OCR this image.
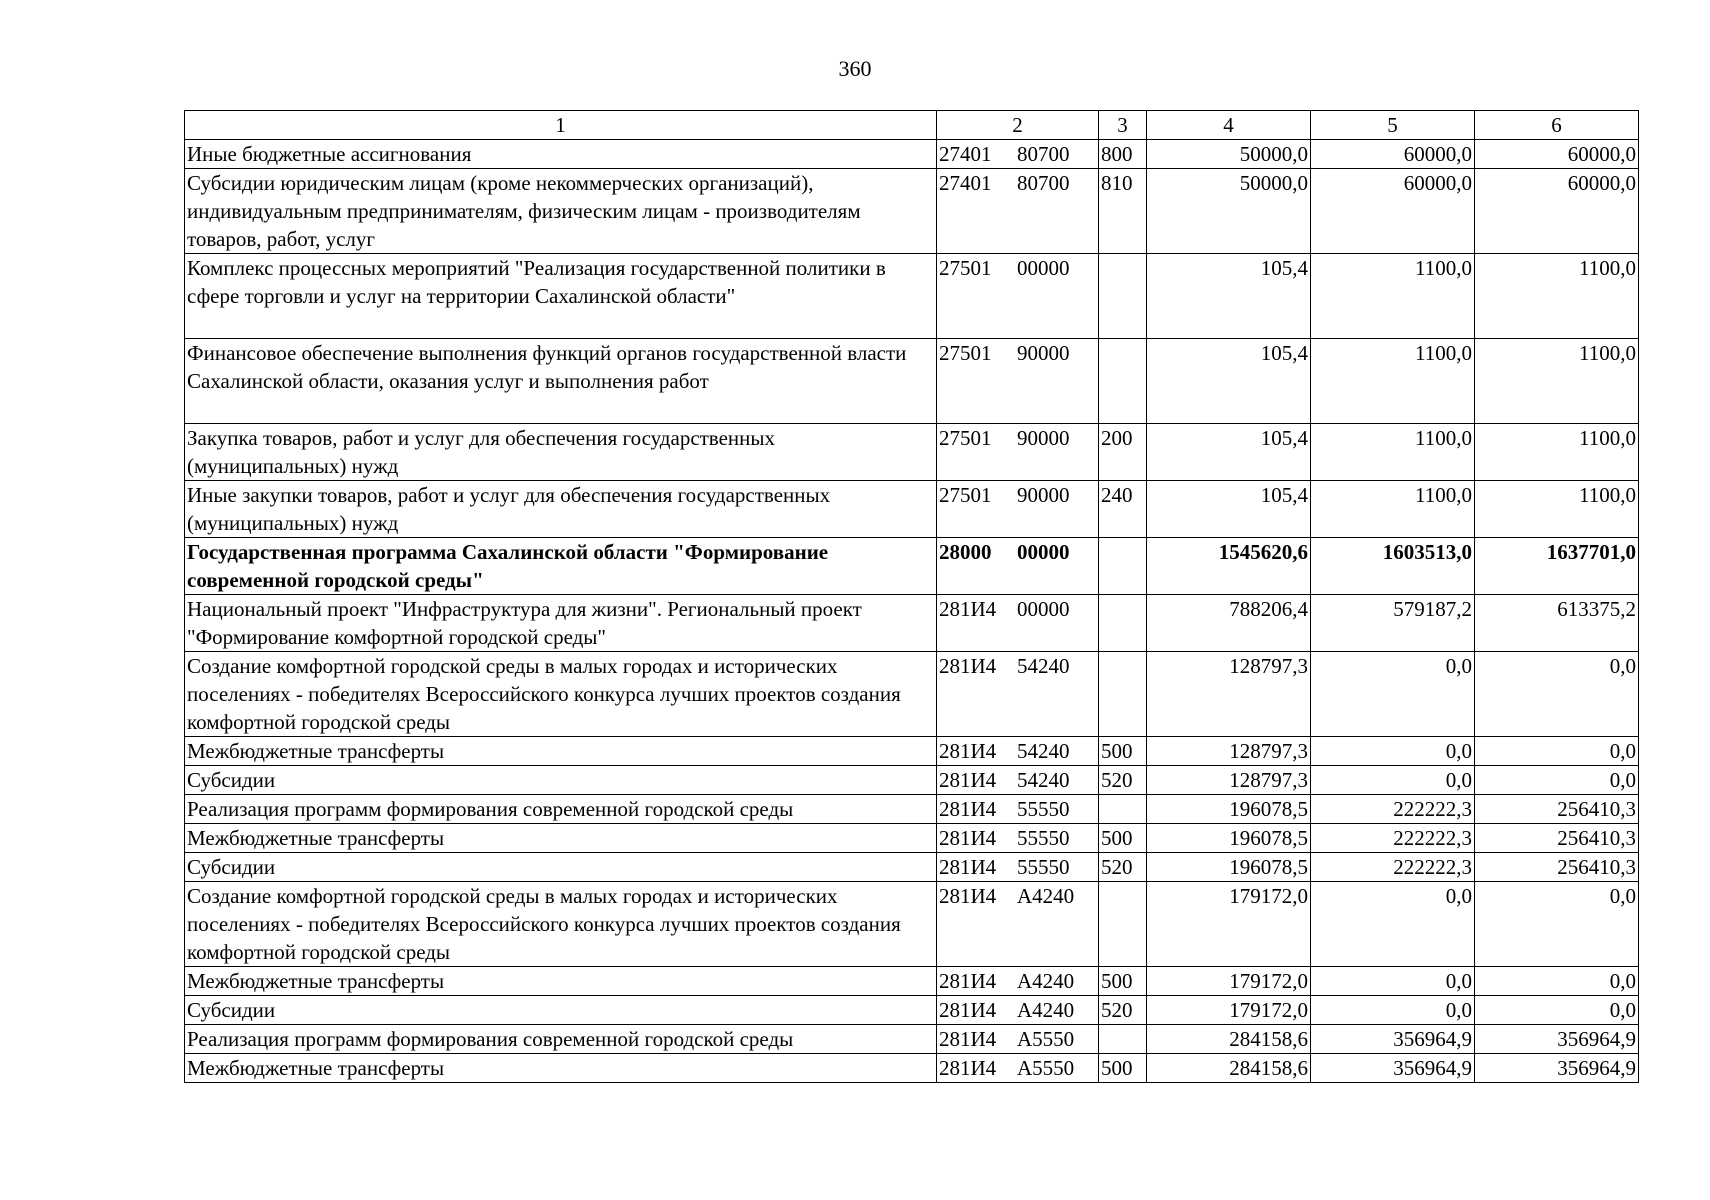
360
1	2	3	4	5	6
Иные бюджетные ассигнования	27401 80700	800	50000,0	60000,0	60000,0
Субсидии юридическим лицам (кроме некоммерческих организаций), индивидуальным предпринимателям, физическим лицам - производителям товаров, работ, услуг	27401 80700	810	50000,0	60000,0	60000,0
Комплекс процессных мероприятий "Реализация государственной политики в сфере торговли и услуг на территории Сахалинской области"	27501 00000		105,4	1100,0	1100,0
Финансовое обеспечение выполнения функций органов государственной власти Сахалинской области, оказания услуг и выполнения работ	27501 90000		105,4	1100,0	1100,0
Закупка товаров, работ и услуг для обеспечения государственных (муниципальных) нужд	27501 90000	200	105,4	1100,0	1100,0
Иные закупки товаров, работ и услуг для обеспечения государственных (муниципальных) нужд	27501 90000	240	105,4	1100,0	1100,0
Государственная программа Сахалинской области "Формирование современной городской среды"	28000 00000		1545620,6	1603513,0	1637701,0
Национальный проект "Инфраструктура для жизни". Региональный проект "Формирование комфортной городской среды"	281И4 00000		788206,4	579187,2	613375,2
Создание комфортной городской среды в малых городах и исторических поселениях - победителях Всероссийского конкурса лучших проектов создания комфортной городской среды	281И4 54240		128797,3	0,0	0,0
Межбюджетные трансферты	281И4 54240	500	128797,3	0,0	0,0
Субсидии	281И4 54240	520	128797,3	0,0	0,0
Реализация программ формирования современной городской среды	281И4 55550		196078,5	222222,3	256410,3
Межбюджетные трансферты	281И4 55550	500	196078,5	222222,3	256410,3
Субсидии	281И4 55550	520	196078,5	222222,3	256410,3
Создание комфортной городской среды в малых городах и исторических поселениях - победителях Всероссийского конкурса лучших проектов создания комфортной городской среды	281И4 А4240		179172,0	0,0	0,0
Межбюджетные трансферты	281И4 А4240	500	179172,0	0,0	0,0
Субсидии	281И4 А4240	520	179172,0	0,0	0,0
Реализация программ формирования современной городской среды	281И4 А5550		284158,6	356964,9	356964,9
Межбюджетные трансферты	281И4 А5550	500	284158,6	356964,9	356964,9
